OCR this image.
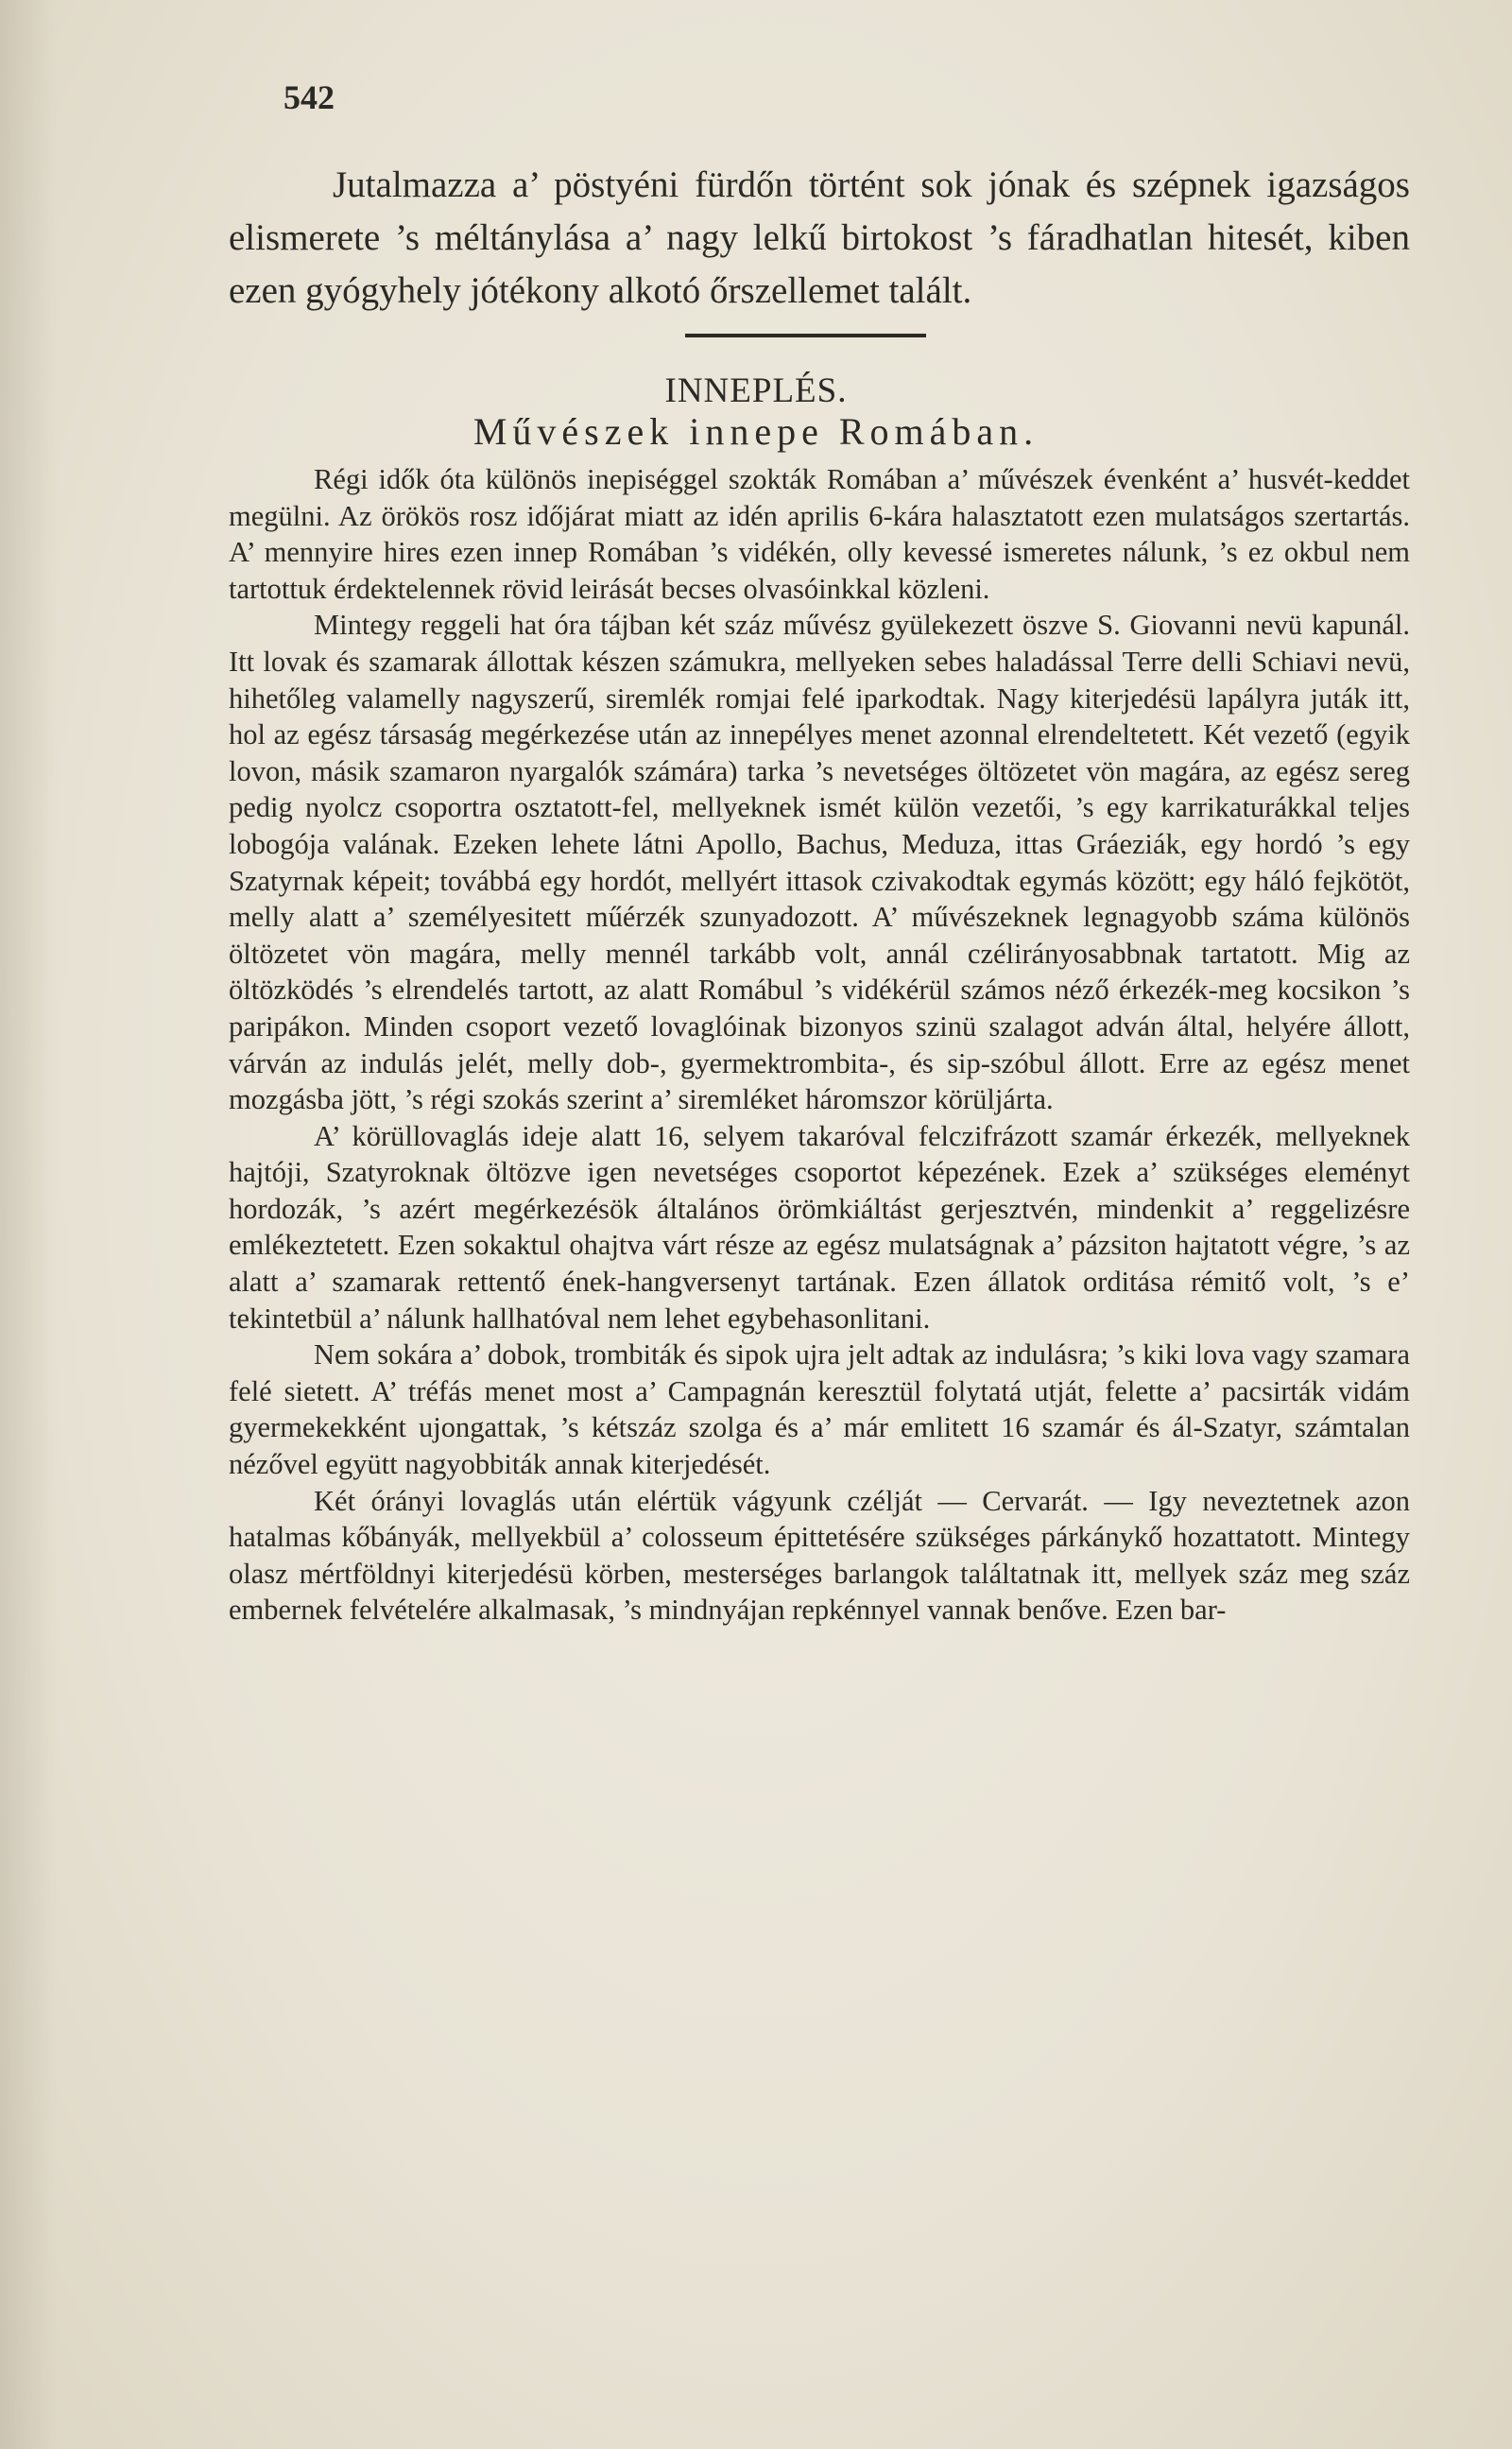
542

Jutalmazza a’ pöstyéni fürdőn történt sok jónak és szépnek igazságos elismerete ’s méltánylása a’ nagy lelkű birtokost ’s fáradhatlan hitesét, kiben ezen gyógyhely jótékony alkotó őrszellemet talált.

INNEPLÉS.
Művészek innepe Romában.

Régi idők óta különös inepiséggel szokták Romában a’ művészek évenként a’ husvét-keddet megülni. Az örökös rosz időjárat miatt az idén aprilis 6-kára halasztatott ezen mulatságos szertartás. A’ mennyire hires ezen innep Romában ’s vidékén, olly kevessé ismeretes nálunk, ’s ez okbul nem tartottuk érdektelennek rövid leirását becses olvasóinkkal közleni.

Mintegy reggeli hat óra tájban két száz művész gyülekezett öszve S. Giovanni nevü kapunál. Itt lovak és szamarak állottak készen számukra, mellyeken sebes haladással Terre delli Schiavi nevü, hihetőleg valamelly nagyszerű, siremlék romjai felé iparkodtak. Nagy kiterjedésü lapályra juták itt, hol az egész társaság megérkezése után az innepélyes menet azonnal elrendeltetett. Két vezető (egyik lovon, másik szamaron nyargalók számára) tarka ’s nevetséges öltözetet vön magára, az egész sereg pedig nyolcz csoportra osztatott-fel, mellyeknek ismét külön vezetői, ’s egy karrikaturákkal teljes lobogója valának. Ezeken lehete látni Apollo, Bachus, Meduza, ittas Gráeziák, egy hordó ’s egy Szatyrnak képeit; továbbá egy hordót, mellyért ittasok czivakodtak egymás között; egy háló fejkötöt, melly alatt a’ személyesitett műérzék szunyadozott. A’ művészeknek legnagyobb száma különös öltözetet vön magára, melly mennél tarkább volt, annál czélirányosabbnak tartatott. Mig az öltözködés ’s elrendelés tartott, az alatt Romábul ’s vidékérül számos néző érkezék-meg kocsikon ’s paripákon. Minden csoport vezető lovaglóinak bizonyos szinü szalagot adván által, helyére állott, várván az indulás jelét, melly dob-, gyermektrombita-, és sip-szóbul állott. Erre az egész menet mozgásba jött, ’s régi szokás szerint a’ siremléket háromszor körüljárta.

A’ körüllovaglás ideje alatt 16, selyem takaróval felczifrázott szamár érkezék, mellyeknek hajtóji, Szatyroknak öltözve igen nevetséges csoportot képezének. Ezek a’ szükséges eleményt hordozák, ’s azért megérkezésök általános örömkiáltást gerjesztvén, mindenkit a’ reggelizésre emlékeztetett. Ezen sokaktul ohajtva várt része az egész mulatságnak a’ pázsiton hajtatott végre, ’s az alatt a’ szamarak rettentő ének-hangversenyt tartának. Ezen állatok orditása rémitő volt, ’s e’ tekintetbül a’ nálunk hallhatóval nem lehet egybehasonlitani.

Nem sokára a’ dobok, trombiták és sipok ujra jelt adtak az indulásra; ’s kiki lova vagy szamara felé sietett. A’ tréfás menet most a’ Campagnán keresztül folytatá utját, felette a’ pacsirták vidám gyermekekként ujongattak, ’s kétszáz szolga és a’ már emlitett 16 szamár és ál-Szatyr, számtalan nézővel együtt nagyobbiták annak kiterjedését.

Két órányi lovaglás után elértük vágyunk czélját — Cervarát. — Igy neveztetnek azon hatalmas kőbányák, mellyekbül a’ colosseum épittetésére szükséges párkánykő hozattatott. Mintegy olasz mértföldnyi kiterjedésü körben, mesterséges barlangok találtatnak itt, mellyek száz meg száz embernek felvételére alkalmasak, ’s mindnyájan repkénnyel vannak benőve. Ezen bar-
